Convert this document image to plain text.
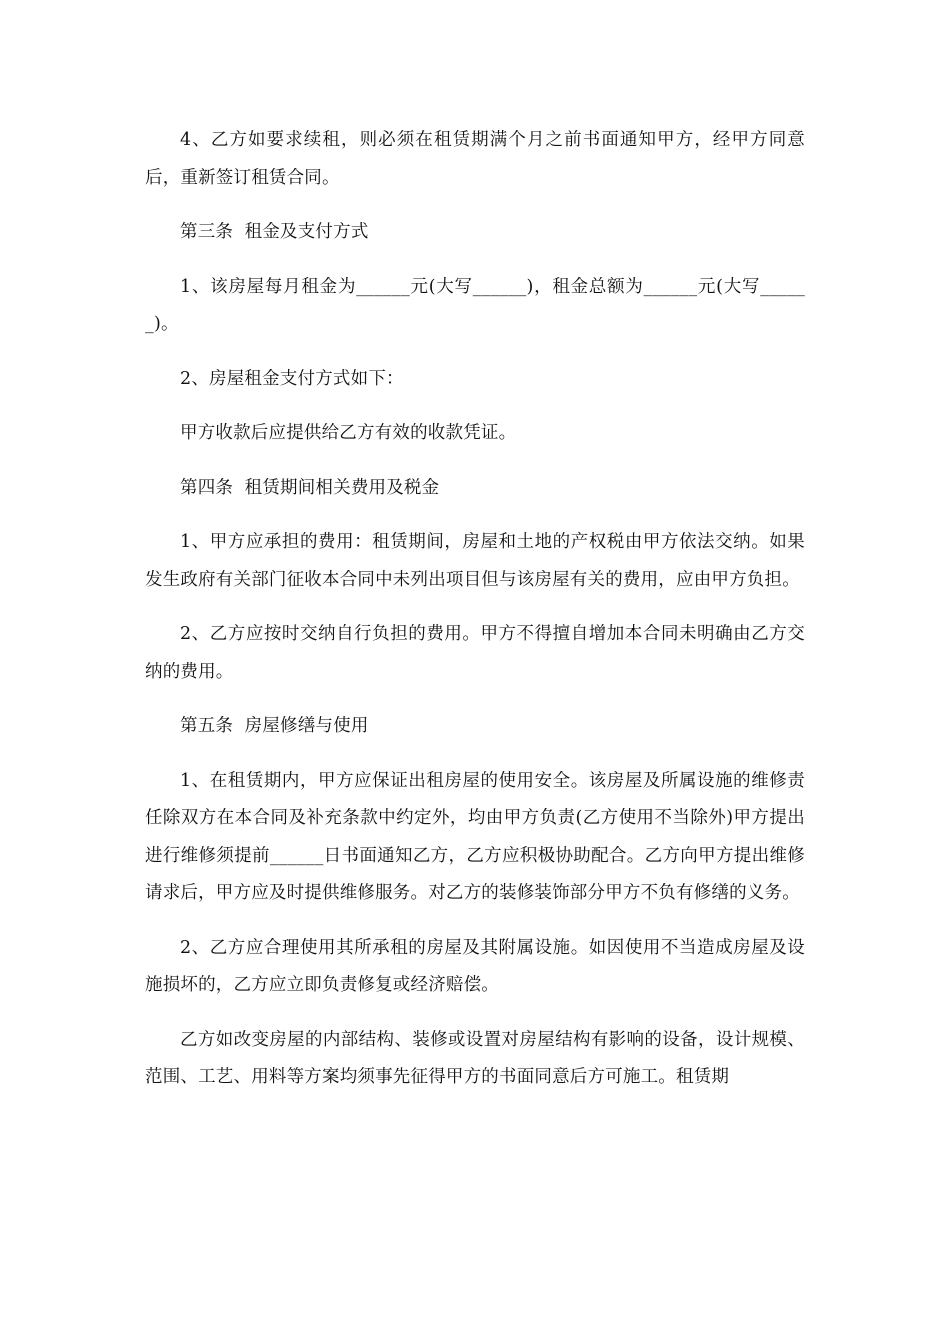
4、乙方如要求续租，则必须在租赁期满个月之前书面通知甲方，经甲方同意后，重新签订租赁合同。

第三条  租金及支付方式

1、该房屋每月租金为______元(大写______)，租金总额为______元(大写______)。

2、房屋租金支付方式如下：

甲方收款后应提供给乙方有效的收款凭证。

第四条  租赁期间相关费用及税金

1、甲方应承担的费用：租赁期间，房屋和土地的产权税由甲方依法交纳。如果发生政府有关部门征收本合同中未列出项目但与该房屋有关的费用，应由甲方负担。

2、乙方应按时交纳自行负担的费用。甲方不得擅自增加本合同未明确由乙方交纳的费用。

第五条  房屋修缮与使用

1、在租赁期内，甲方应保证出租房屋的使用安全。该房屋及所属设施的维修责任除双方在本合同及补充条款中约定外，均由甲方负责(乙方使用不当除外)甲方提出进行维修须提前______日书面通知乙方，乙方应积极协助配合。乙方向甲方提出维修请求后，甲方应及时提供维修服务。对乙方的装修装饰部分甲方不负有修缮的义务。

2、乙方应合理使用其所承租的房屋及其附属设施。如因使用不当造成房屋及设施损坏的，乙方应立即负责修复或经济赔偿。

乙方如改变房屋的内部结构、装修或设置对房屋结构有影响的设备，设计规模、范围、工艺、用料等方案均须事先征得甲方的书面同意后方可施工。租赁期
